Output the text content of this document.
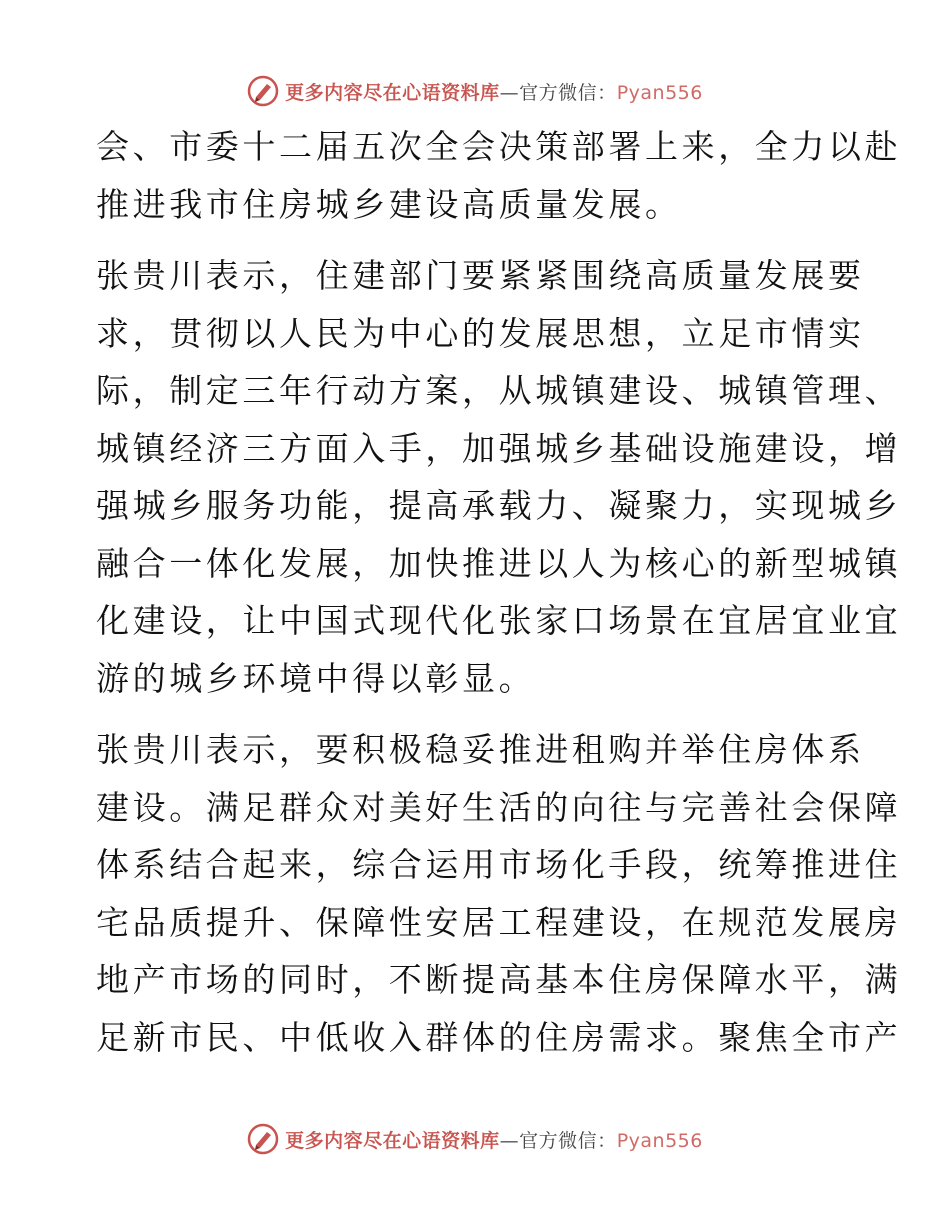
更多内容尽在心语资料库—官方微信：Pyan556
会、市委十二届五次全会决策部署上来，全力以赴
推进我市住房城乡建设高质量发展。
张贵川表示，住建部门要紧紧围绕高质量发展要
求，贯彻以人民为中心的发展思想，立足市情实
际，制定三年行动方案，从城镇建设、城镇管理、
城镇经济三方面入手，加强城乡基础设施建设，增
强城乡服务功能，提高承载力、凝聚力，实现城乡
融合一体化发展，加快推进以人为核心的新型城镇
化建设，让中国式现代化张家口场景在宜居宜业宜
游的城乡环境中得以彰显。
张贵川表示，要积极稳妥推进租购并举住房体系
建设。满足群众对美好生活的向往与完善社会保障
体系结合起来，综合运用市场化手段，统筹推进住
宅品质提升、保障性安居工程建设，在规范发展房
地产市场的同时，不断提高基本住房保障水平，满
足新市民、中低收入群体的住房需求。聚焦全市产
更多内容尽在心语资料库—官方微信：Pyan556
